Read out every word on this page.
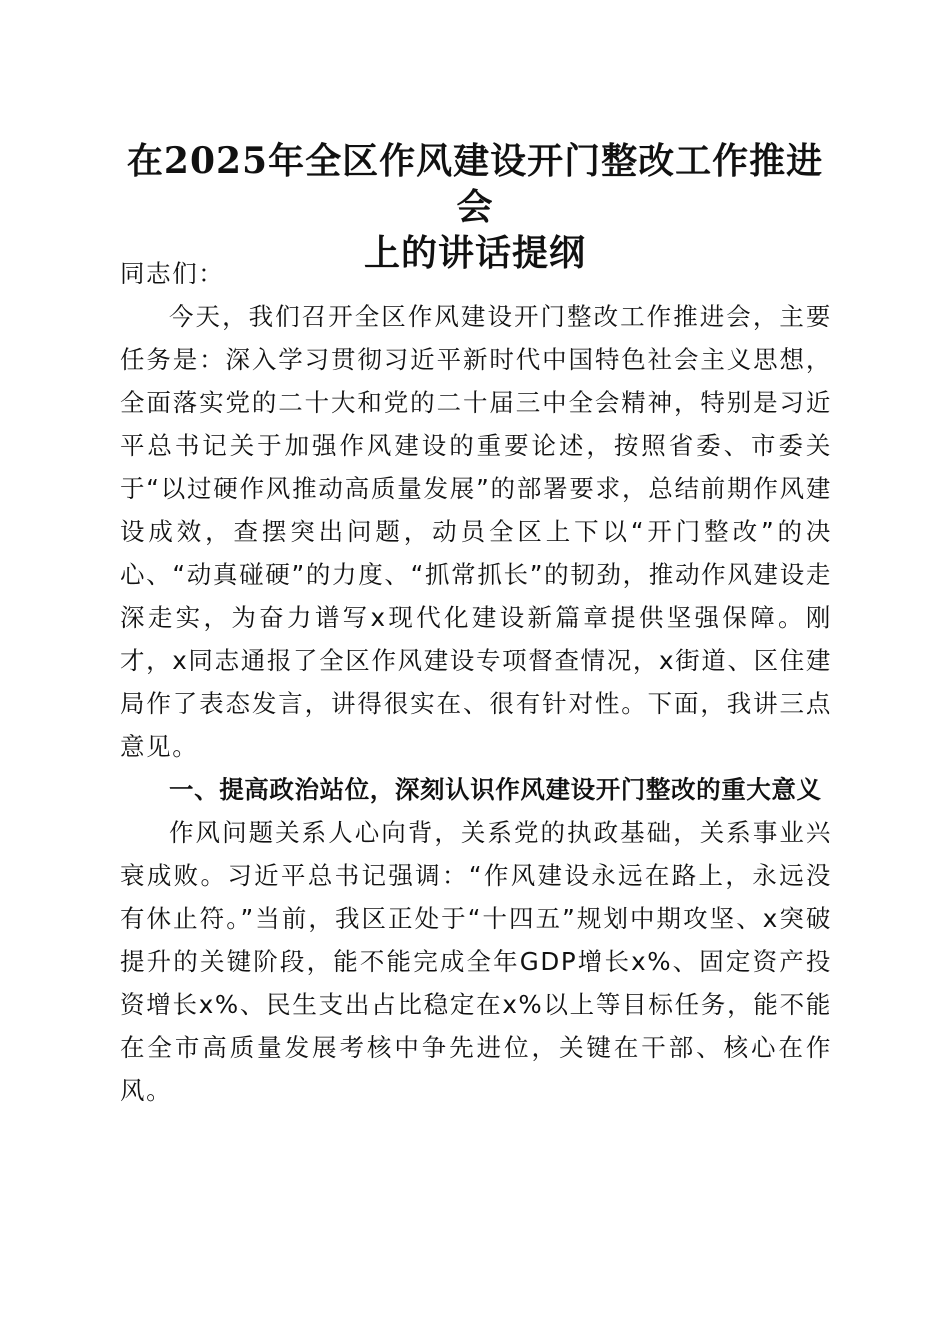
在2025年全区作风建设开门整改工作推进会
上的讲话提纲

同志们：

今天，我们召开全区作风建设开门整改工作推进会，主要任务是：深入学习贯彻习近平新时代中国特色社会主义思想，全面落实党的二十大和党的二十届三中全会精神，特别是习近平总书记关于加强作风建设的重要论述，按照省委、市委关于“以过硬作风推动高质量发展”的部署要求，总结前期作风建设成效，查摆突出问题，动员全区上下以“开门整改”的决心、“动真碰硬”的力度、“抓常抓长”的韧劲，推动作风建设走深走实，为奋力谱写x现代化建设新篇章提供坚强保障。刚才，x同志通报了全区作风建设专项督查情况，x街道、区住建局作了表态发言，讲得很实在、很有针对性。下面，我讲三点意见。

一、提高政治站位，深刻认识作风建设开门整改的重大意义

作风问题关系人心向背，关系党的执政基础，关系事业兴衰成败。习近平总书记强调：“作风建设永远在路上，永远没有休止符。”当前，我区正处于“十四五”规划中期攻坚、x突破提升的关键阶段，能不能完成全年GDP增长x%、固定资产投资增长x%、民生支出占比稳定在x%以上等目标任务，能不能在全市高质量发展考核中争先进位，关键在干部、核心在作风。
